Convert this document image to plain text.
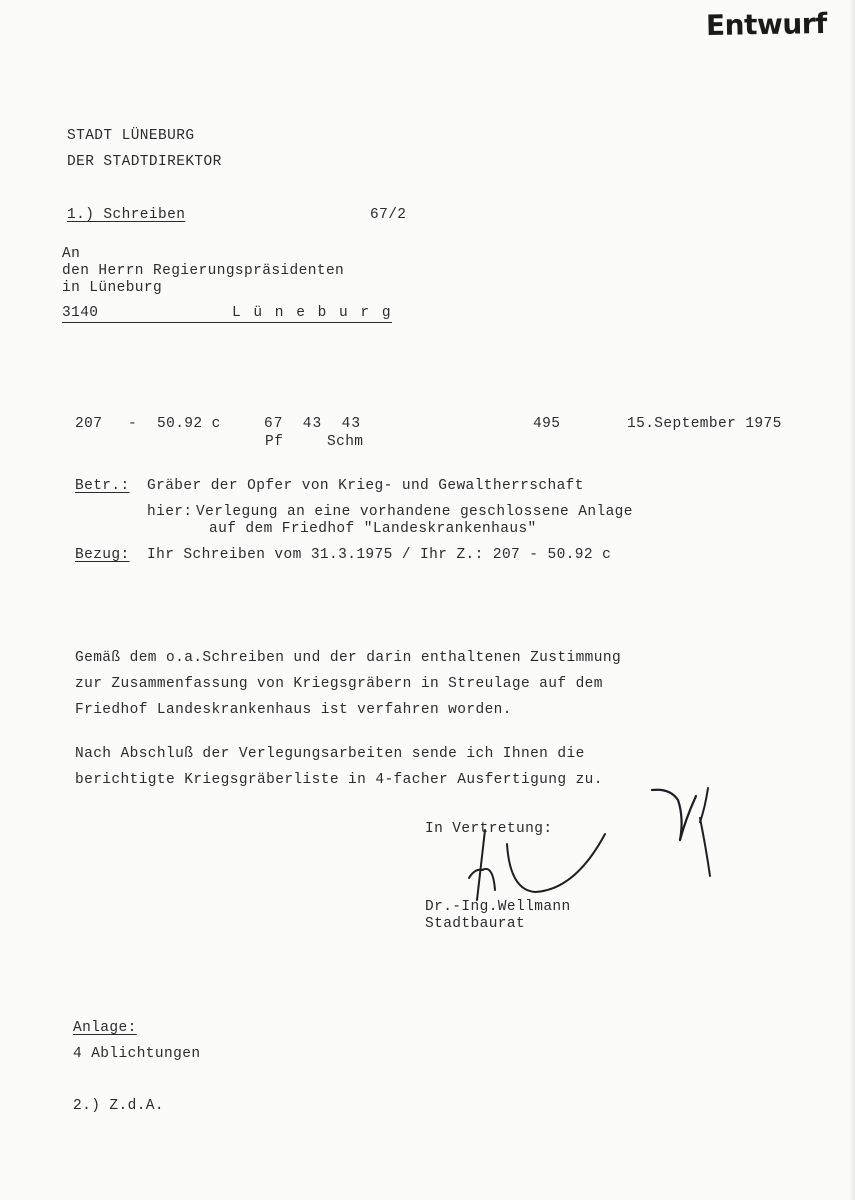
Entwurf
STADT LÜNEBURG
DER STADTDIREKTOR
1.) Schreiben	67/2
An
den Herrn Regierungspräsidenten
in Lüneburg
3140	L ü n e b u r g
207 - 50.92 c	67  43  43
Pf	Schm
495	15.September 1975
Betr.: Gräber der Opfer von Krieg- und Gewaltherrschaft
hier: Verlegung an eine vorhandene geschlossene Anlage
auf dem Friedhof "Landeskrankenhaus"
Bezug: Ihr Schreiben vom 31.3.1975 / Ihr Z.: 207 - 50.92 c
Gemäß dem o.a.Schreiben und der darin enthaltenen Zustimmung
zur Zusammenfassung von Kriegsgräbern in Streulage auf dem
Friedhof Landeskrankenhaus ist verfahren worden.
Nach Abschluß der Verlegungsarbeiten sende ich Ihnen die
berichtigte Kriegsgräberliste in 4-facher Ausfertigung zu.
In Vertretung:
Dr.-Ing.Wellmann
Stadtbaurat
Anlage:
4 Ablichtungen
2.) Z.d.A.
